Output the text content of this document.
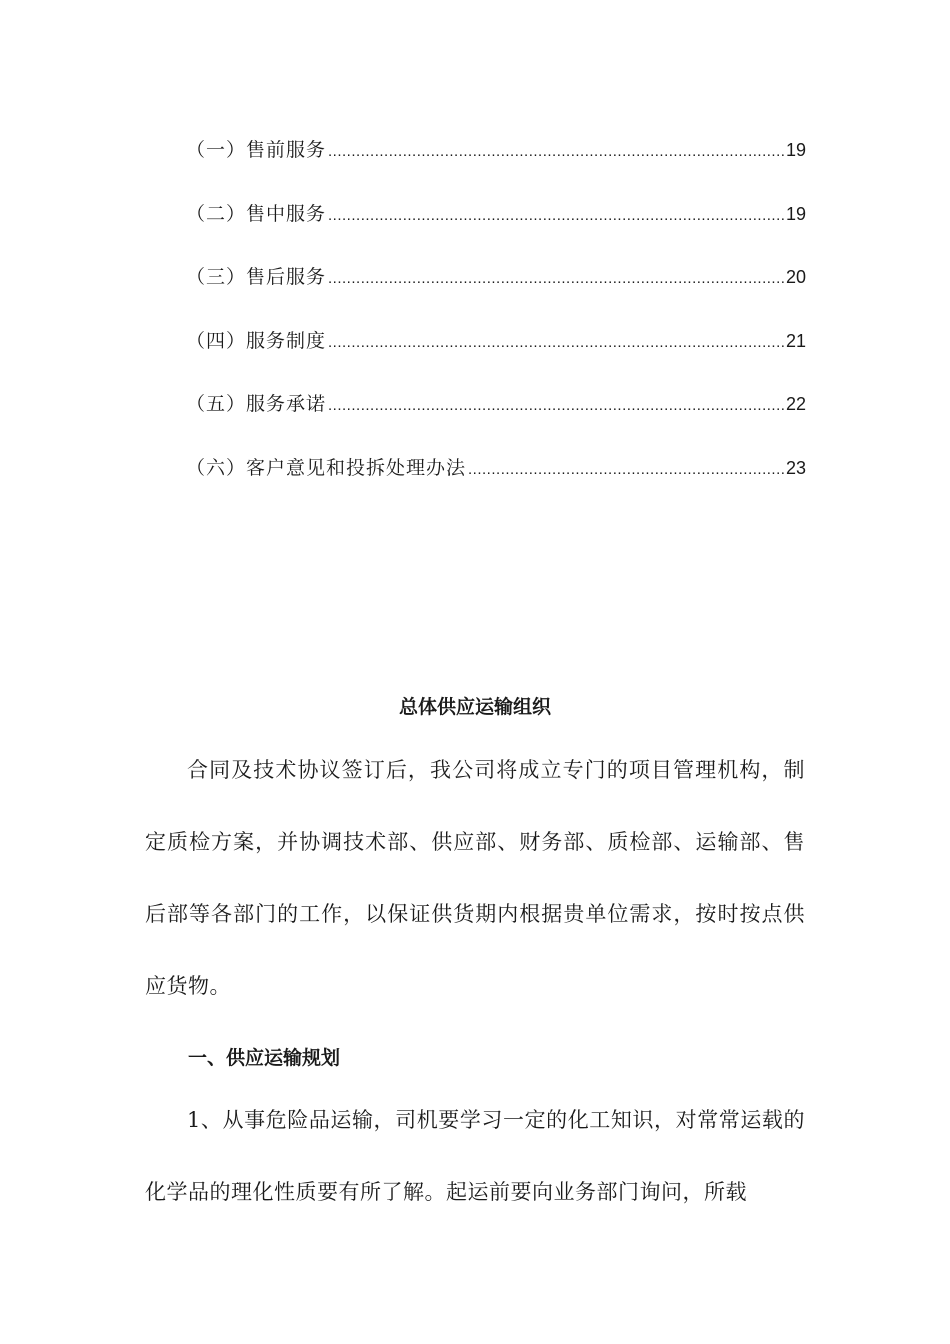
（一）售前服务 .....	19
（二）售中服务 .....	19
（三）售后服务 .....	20
（四）服务制度 .....	21
（五）服务承诺 .....	22
（六）客户意见和投拆处理办法 .....	23
总体供应运输组织

合同及技术协议签订后，我公司将成立专门的项目管理机构，制定质检方案，并协调技术部、供应部、财务部、质检部、运输部、售后部等各部门的工作，以保证供货期内根据贵单位需求，按时按点供应货物。

一、供应运输规划

1、从事危险品运输，司机要学习一定的化工知识，对常常运载的化学品的理化性质要有所了解。起运前要向业务部门询问，所载
